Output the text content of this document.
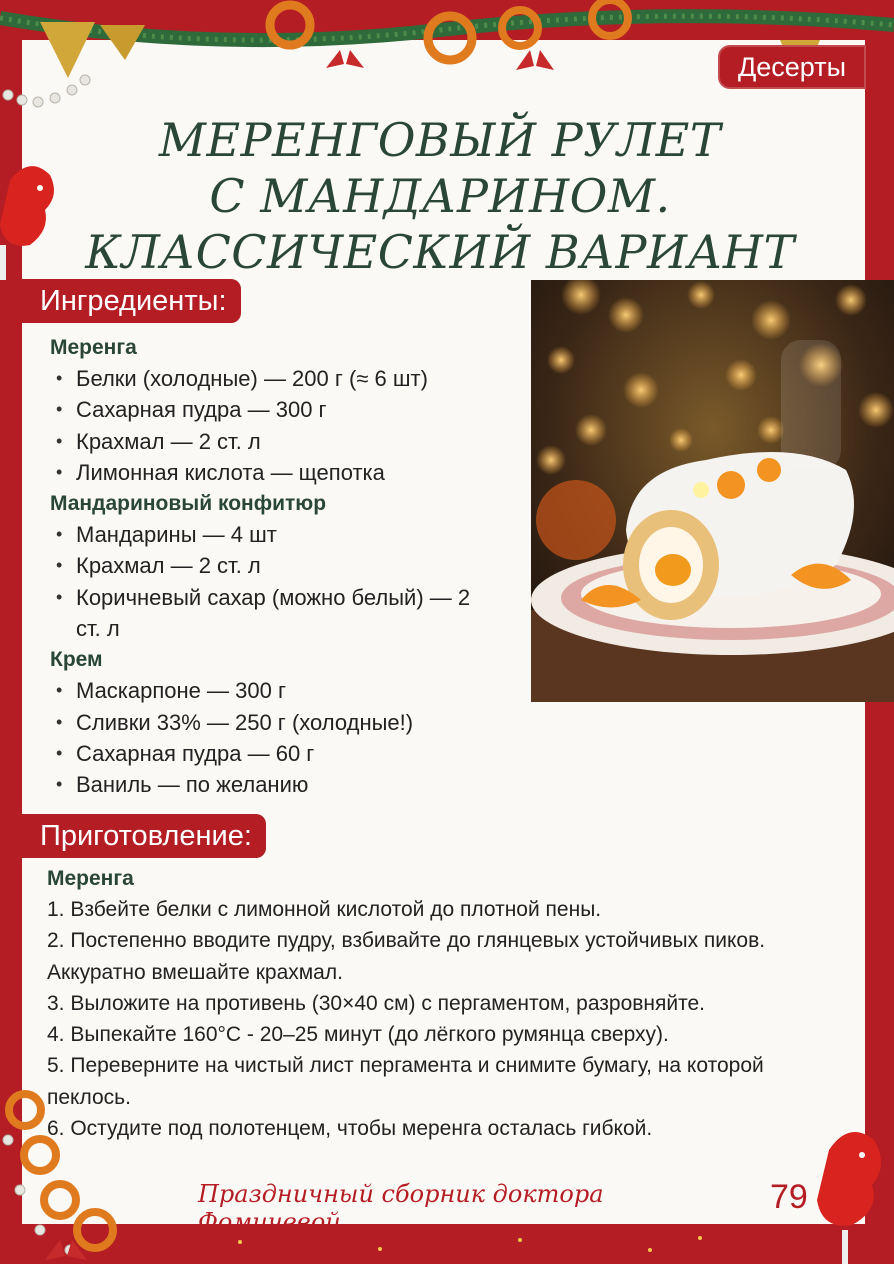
Десерты
МЕРЕНГОВЫЙ РУЛЕТ
С МАНДАРИНОМ.
КЛАССИЧЕСКИЙ ВАРИАНТ
Ингредиенты:
Меренга
• Белки (холодные) — 200 г (≈ 6 шт)
• Сахарная пудра — 300 г
• Крахмал — 2 ст. л
• Лимонная кислота — щепотка
Мандариновый конфитюр
• Мандарины — 4 шт
• Крахмал — 2 ст. л
• Коричневый сахар (можно белый) — 2 ст. л
Крем
• Маскарпоне — 300 г
• Сливки 33% — 250 г (холодные!)
• Сахарная пудра — 60 г
• Ваниль — по желанию
Приготовление:
Меренга

1. Взбейте белки с лимонной кислотой до плотной пены.

2. Постепенно вводите пудру, взбивайте до глянцевых устойчивых пиков. Аккуратно вмешайте крахмал.

3. Выложите на противень (30×40 см) с пергаментом, разровняйте.

4. Выпекайте 160°С - 20–25 минут (до лёгкого румянца сверху).

5. Переверните на чистый лист пергамента и снимите бумагу, на которой пеклось.

6. Остудите под полотенцем, чтобы меренга осталась гибкой.

Праздничный сборник доктора Фомичевой
79
